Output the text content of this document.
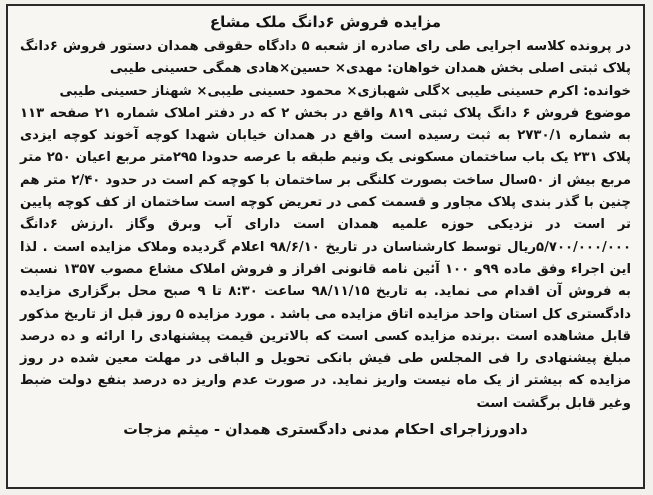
مزایده فروش ۶دانگ ملک مشاع

در پرونده کلاسه اجرایی طی رای صادره از شعبه ۵ دادگاه حقوقی همدان دستور فروش ۶دانگ پلاک ثبتی اصلی بخش همدان خواهان: مهدی× حسین×هادی همگی حسینی طیبی

خوانده: اکرم حسینی طیبی ×گلی شهبازی× محمود حسینی طیبی× شهناز حسینی طیبی

موضوع فروش ۶ دانگ پلاک ثبتی ۸۱۹ واقع در بخش ۲ که در دفتر املاک شماره ۲۱ صفحه ۱۱۳ به شماره ۲۷۳۰/۱ به ثبت رسیده است واقع در همدان خیابان شهدا کوچه آخوند کوچه ایزدی پلاک ۲۳۱ یک باب ساختمان مسکونی یک ونیم طبقه با عرصه حدودا ۲۹۵متر مربع اعیان ۲۵۰ متر مربع بیش از ۵۰سال ساخت بصورت کلنگی بر ساختمان با کوچه کم است در حدود ۲/۴۰ متر هم چنین با گذر بندی پلاک مجاور و قسمت کمی در تعریض کوچه است ساختمان از کف کوچه پایین تر است در نزدیکی حوزه علمیه همدان است دارای آب وبرق وگاز .ارزش ۶دانگ ۵/۷۰۰/۰۰۰/۰۰۰ریال توسط کارشناسان در تاریخ ۹۸/۶/۱۰ اعلام گردیده وملاک مزایده است . لذا این اجراء وفق ماده ۹۹و ۱۰۰ آئین نامه قانونی افراز و فروش املاک مشاع مصوب ۱۳۵۷ نسبت به فروش آن اقدام می نماید. به تاریخ ۹۸/۱۱/۱۵ ساعت ۸:۳۰ تا ۹ صبح محل برگزاری مزایده دادگستری کل استان واحد مزایده اتاق مزایده می باشد . مورد مزایده ۵ روز قبل از تاریخ مذکور قابل مشاهده است .برنده مزایده کسی است که بالاترین قیمت پیشنهادی را ارائه و ده درصد مبلغ پیشنهادی را فی المجلس طی فیش بانکی تحویل و الباقی در مهلت معین شده در روز مزایده که بیشتر از یک ماه نیست واریز نماید. در صورت عدم واریز ده درصد بنفع دولت ضبط وغیر قابل برگشت است

دادورزاجرای احکام مدنی دادگستری همدان - میثم مزجات
